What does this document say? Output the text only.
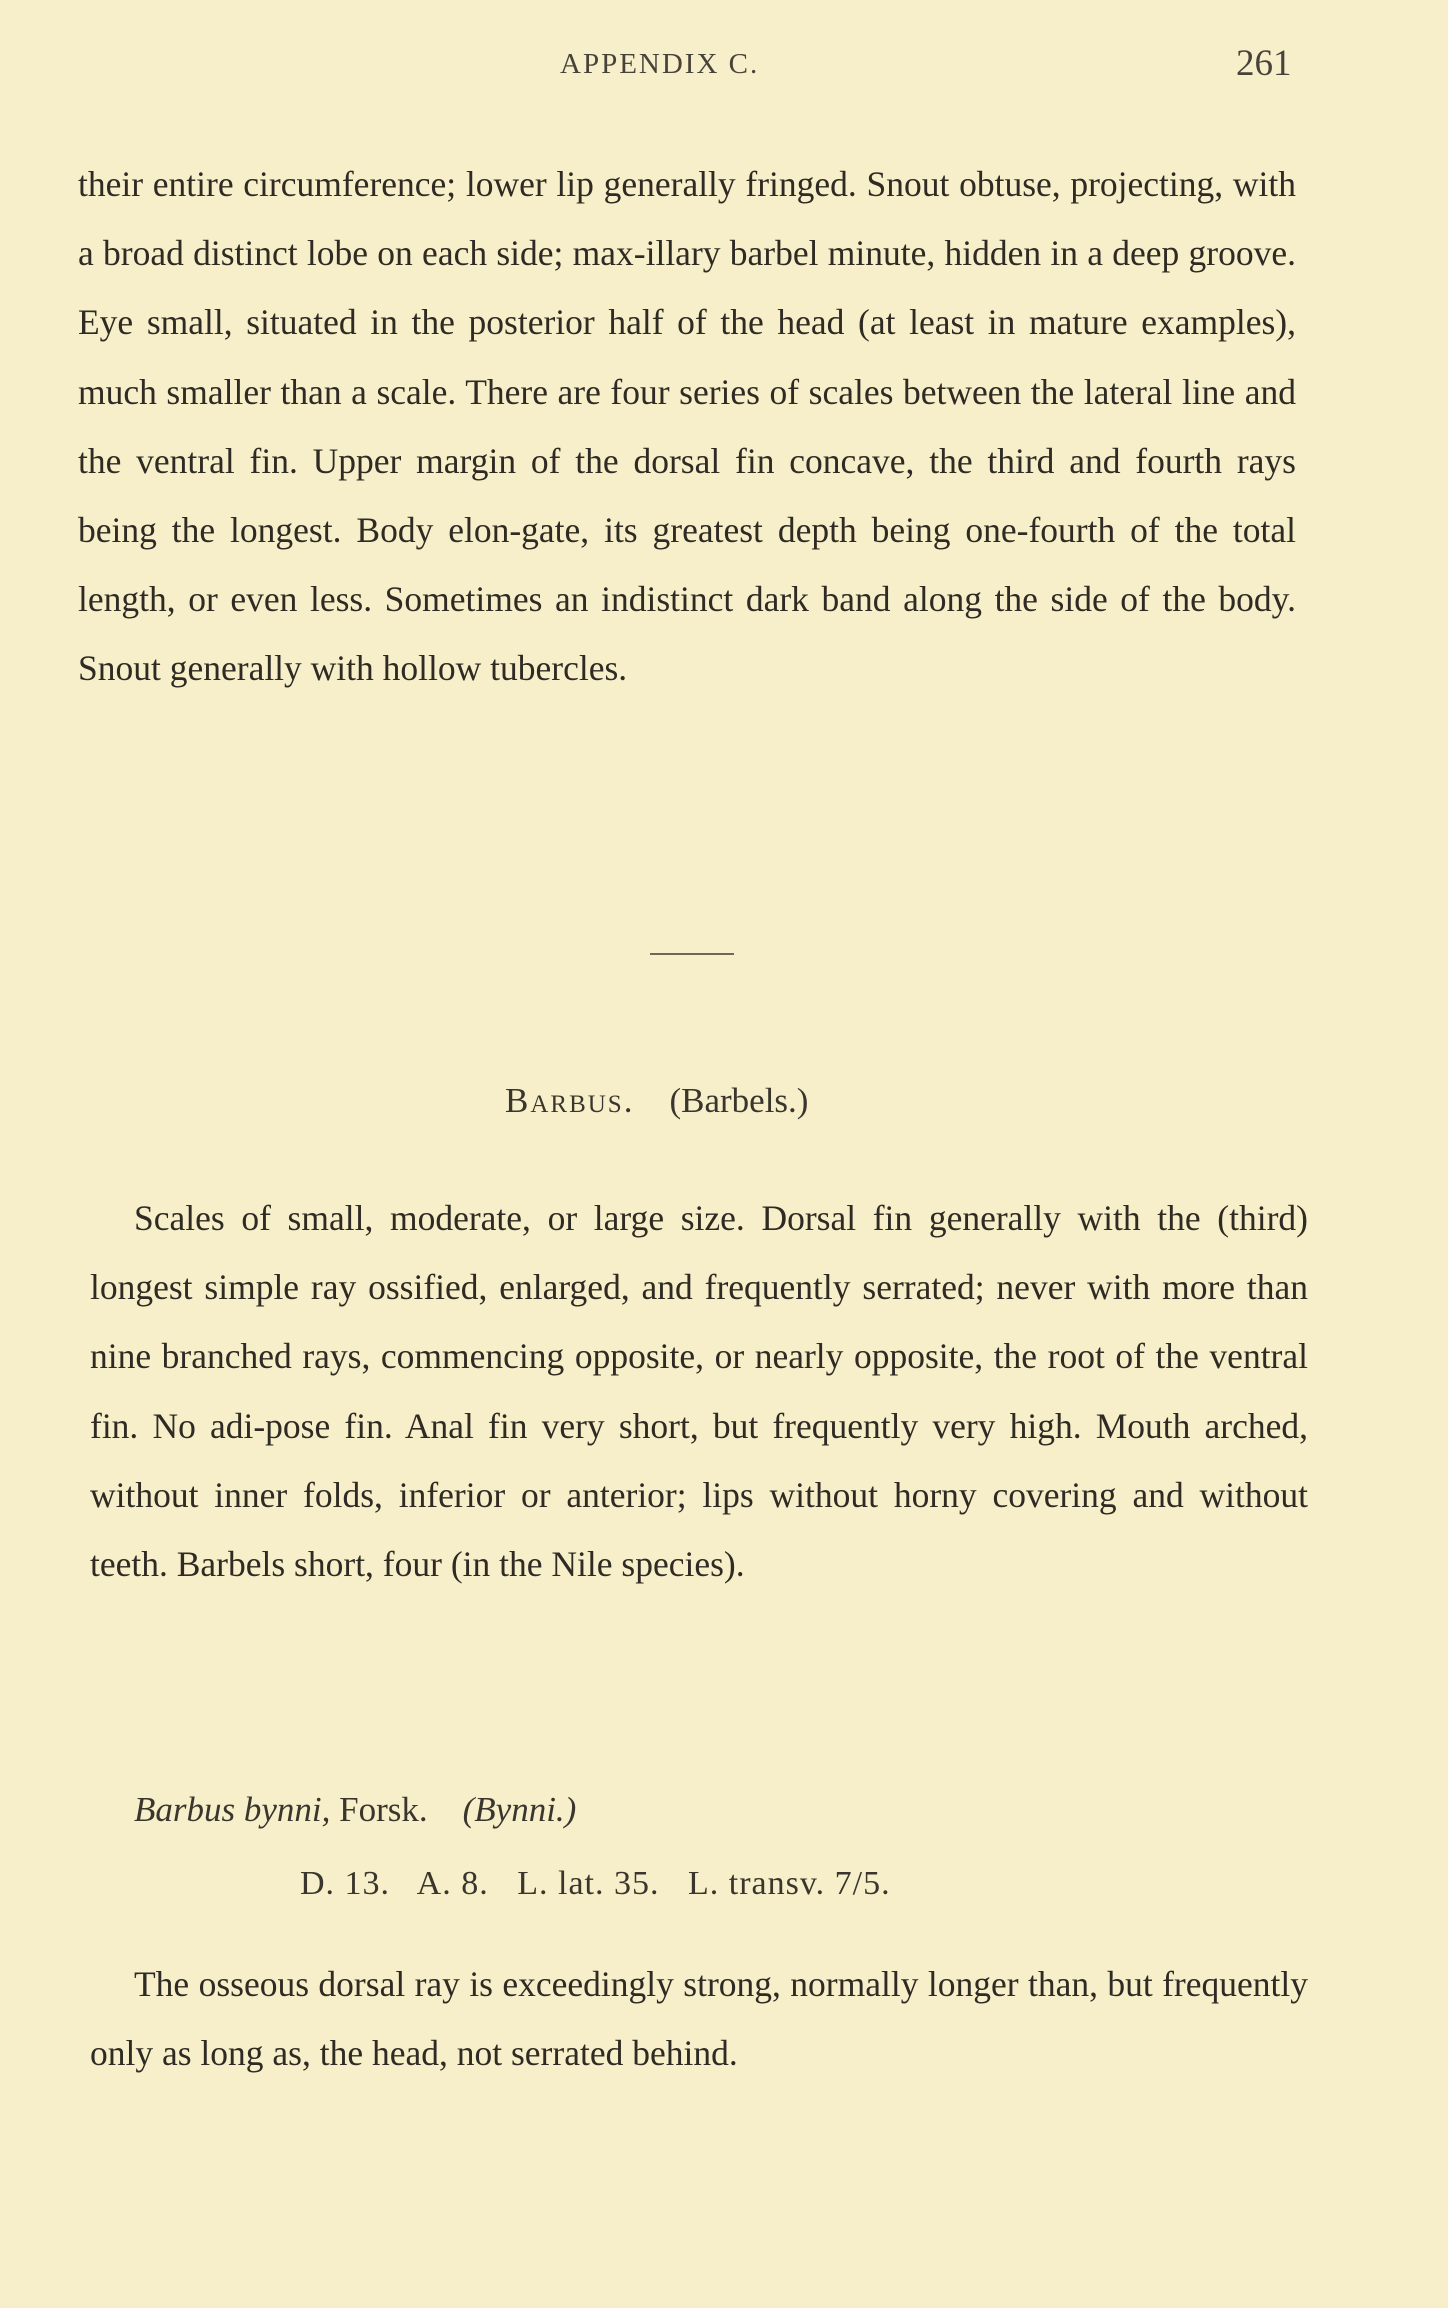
APPENDIX C.	261

their entire circumference; lower lip generally fringed. Snout obtuse, projecting, with a broad distinct lobe on each side; max-illary barbel minute, hidden in a deep groove. Eye small, situated in the posterior half of the head (at least in mature examples), much smaller than a scale. There are four series of scales between the lateral line and the ventral fin. Upper margin of the dorsal fin concave, the third and fourth rays being the longest. Body elon-gate, its greatest depth being one-fourth of the total length, or even less. Sometimes an indistinct dark band along the side of the body. Snout generally with hollow tubercles.

Barbus. (Barbels.)

Scales of small, moderate, or large size. Dorsal fin generally with the (third) longest simple ray ossified, enlarged, and frequently serrated; never with more than nine branched rays, commencing opposite, or nearly opposite, the root of the ventral fin. No adi-pose fin. Anal fin very short, but frequently very high. Mouth arched, without inner folds, inferior or anterior; lips without horny covering and without teeth. Barbels short, four (in the Nile species).

Barbus bynni, Forsk. (Bynni.)
D. 13.   A. 8.   L. lat. 35.   L. transv. 7/5.

The osseous dorsal ray is exceedingly strong, normally longer than, but frequently only as long as, the head, not serrated behind.
